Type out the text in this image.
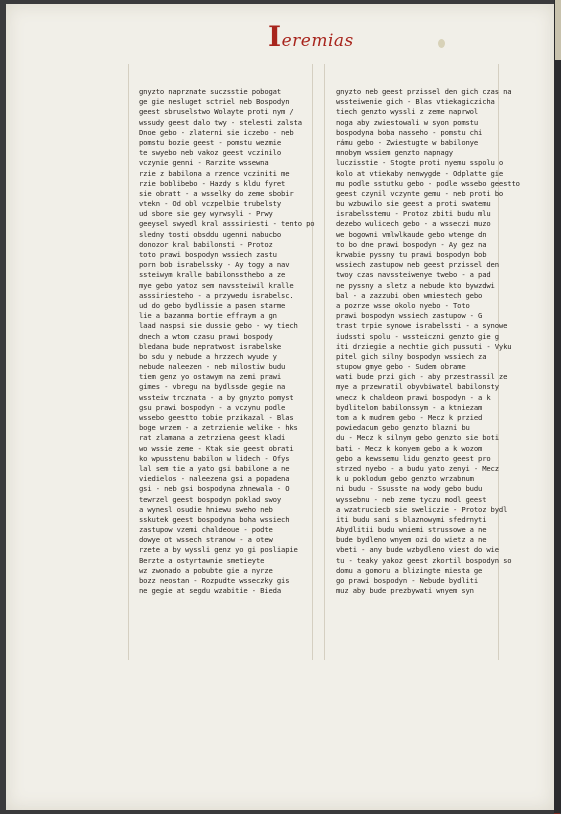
Ieremias
gnyzto naprznate suczsstie pobogat
ge gie nesluget sctriel neb Bospodyn
geest sbruselstwo Wolayte proti nym /
wssudy geest dalo twy - stelesti zalsta
Dnoe gebo - zlaterni sie iczebo - neb
pomstu bozie geest - pomstu wezmie
te swyebo neb vakoz geest vczinilo
vczynie genni - Rarzite wssewna
rzie z babilona a rzence vcziniti me
rzie boblibebo - Hazdy s kldu fyret
sie obratt - a wsselky do zeme sbobir
vtekn - Od obl vczpelbie trubelsty
ud sbore sie gey wyrwsyli - Prwy
geeysel swyedl kral asssiriesti - tento po
sledny tosti obsddu ugenni nabucbo
donozor kral babilonsti - Protoz
toto prawi bospodyn wssiech zastu
porn bob israbelssky - Ay togy a nav
ssteiwym kralle babilonssthebo a ze
mye gebo yatoz sem navssteiwil kralle
asssiriesteho - a przywedu israbelsc.
ud do gebo bydlissie a pasen starme
lie a bazanma bortie effraym a gn
laad naspsi sie dussie gebo - wy tiech
dnech a wtom czasu prawi bospody
bledana bude nepratwost israbelske
bo sdu y nebude a hrzzech wyude y
nebude naleezen - neb milostiw budu
tiem genz yo ostawym na zemi prawi
gimes - vbregu na bydlssde gegie na
wssteiw trcznata - a by gnyzto pomyst
gsu prawi bospodyn - a vczynu podle
wssebo geestto tobie przikazal - Blas
boge wrzem - a zetrzienie welike - hks
rat zlamana a zetrziena geest kladi
wo wssie zeme - Ktak sie geest obrati
ko wpusstenu babilon w lidech - Ofys
lal sem tie a yato gsi babilone a ne
viedielos - naleezena gsi a popadena
gsi - neb gsi bospodyna zhnewala - O
tewrzel geest bospodyn poklad swoy
a wynesl osudie hniewu sweho neb
sskutek geest bospodyna boha wssiech
zastupow vzemi chaldeoue - podte
dowye ot wssech stranow - a otew
rzete a by wyssli genz yo gi posliapie
Berzte a ostyrtawnie smetieyte
wz zwonado a pobubte gie a nyrze
bozz neostan - Rozpudte wsseczky gis
ne gegie at segdu wzabitie - Bieda
gnyzto neb geest przissel den gich czas na
wssteiwenie gich - Blas vtiekagiczicha
tiech genzto wyssli z zeme naprwol
noga aby zwiestowali w syon pomstu
bospodyna boba nasseho - pomstu chi
rámu gebo - Zwiestugte w babilonye
mnobym wssiem genzto napnagy
luczisstie - Stogte proti nyemu sspolu o
kolo at vtiekaby nenwygde - Odplatte gie
mu podle sstutku gebo - podle wssebo geestto
geest czynil vczynte gemu - neb proti bo
bu wzbuwilo sie geest a proti swatemu
israbelsstemu - Protoz zbiti budu mlu
dezebo wulicech gebo - a wsseczi muzo
we bogowni vmlwlkaude gebo wtenge dn
to bo dne prawi bospodyn - Ay gez na
krwabie pyssny tu prawi bospodyn bob
wssiech zastupow neb geest przissel den
twoy czas navssteiwenye twebo - a pad
ne pyssny a sletz a nebude kto bywzdwi
bal - a zazzubi oben wmiestech gebo
a pozrze wsse okolo nyebo - Toto
prawi bospodyn wssiech zastupow - G
trast trpie synowe israbelssti - a synowe
iudssti spolu - wssteiczni genzto gie g
iti drziegie a nechtie gich pussuti - Vyku
pitel gich silny bospodyn wssiech za
stupow gmye gebo - Sudem obrame
wati bude przi gich - aby przestrassil ze
mye a przewratil obyvbiwatel babilonsty
wnecz k chaldeom prawi bospodyn - a k
bydlitelom babilonssym - a ktniezam
tom a k mudrem gebo - Mecz k przied
powiedacum gebo genzto blazni bu
du - Mecz k silnym gebo genzto sie boti
bati - Mecz k konyem gebo a k wozom
gebo a kewssemu lidu genzto geest pro
strzed nyebo - a budu yato zenyi - Mecz
k u poklodum gebo genzto wrzabnum
ni budu - Ssusste na wody gebo budu
wyssebnu - neb zeme tyczu modl geest
a wzatruciecb sie sweliczie - Protoz bydl
iti budu sani s blaznowymi sfedrnyti
Abydlitii budu wniemi strussowe a ne
bude bydleno wnyem ozi do wietz a ne
vbeti - any bude wzbydleno viest do wie
tu - teaky yakoz geest zkortil bospodyn so
domu a gomoru a blizingte miesta ge
go prawi bospodyn - Nebude bydliti
muz aby bude prezbywati wnyem syn
